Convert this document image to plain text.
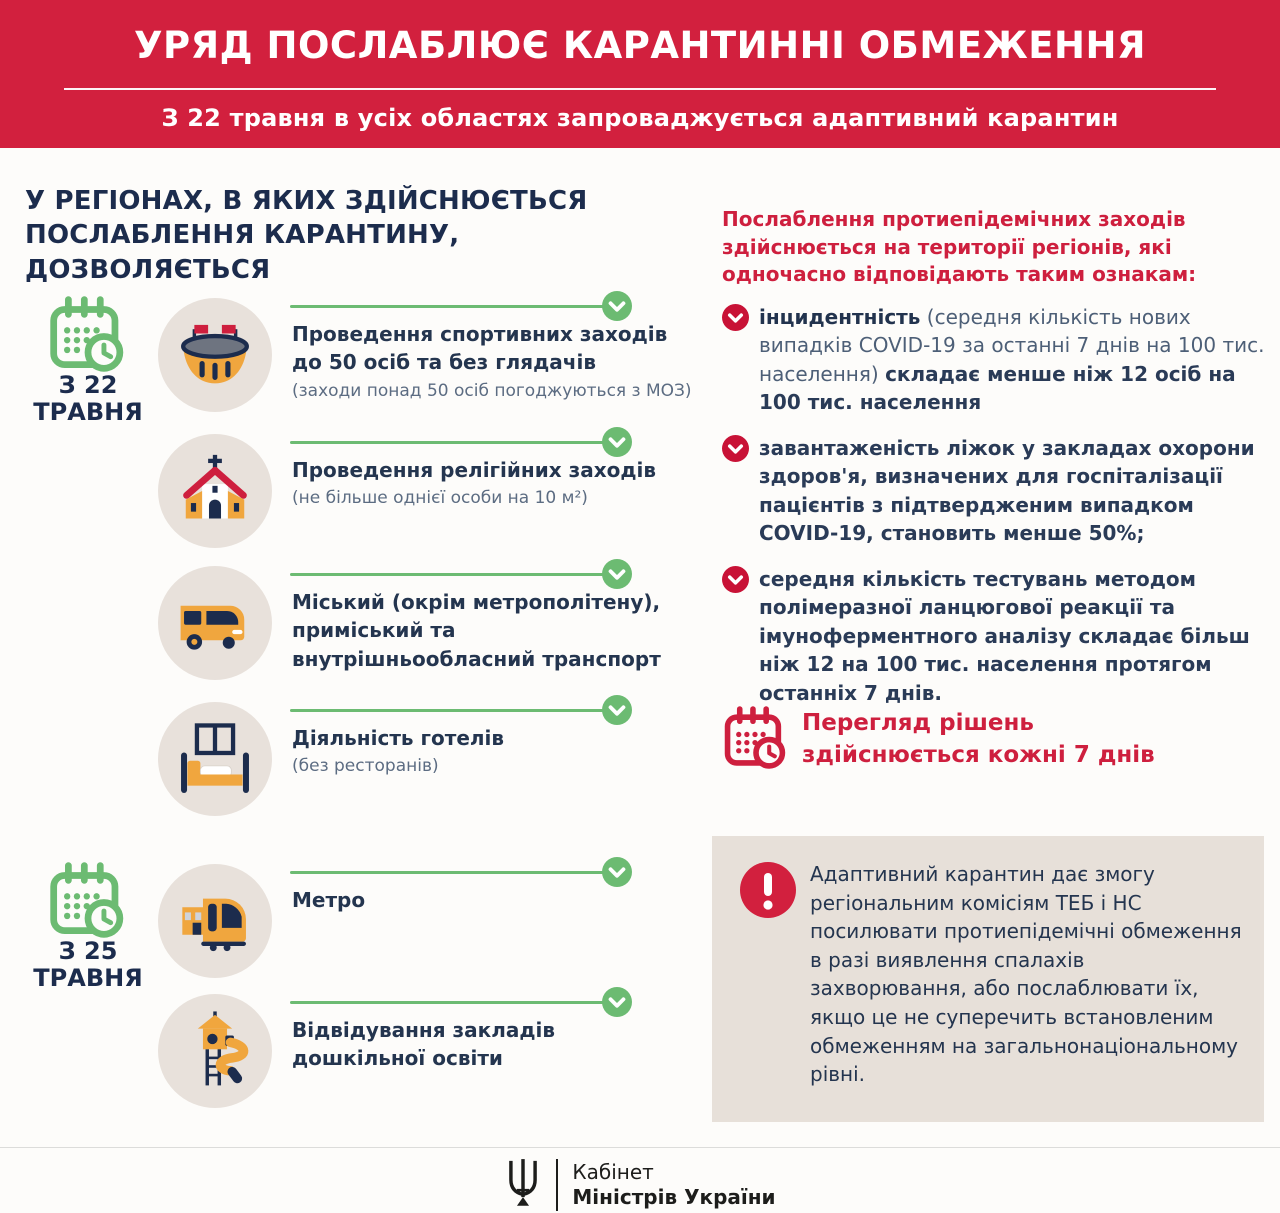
УРЯД ПОСЛАБЛЮЄ КАРАНТИННІ ОБМЕЖЕННЯ
З 22 травня в усіх областях запроваджується адаптивний карантин
У РЕГІОНАХ, В ЯКИХ ЗДІЙСНЮЄТЬСЯ ПОСЛАБЛЕННЯ КАРАНТИНУ, ДОЗВОЛЯЄТЬСЯ
З 22
ТРАВНЯ
З 25
ТРАВНЯ
Проведення спортивних заходів до 50 осіб та без глядачів
(заходи понад 50 осіб погоджуються з МОЗ)
Проведення релігійних заходів
(не більше однієї особи на 10 м²)
Міський (окрім метрополітену), приміський та внутрішньообласний транспорт
Діяльність готелів
(без ресторанів)
Метро
Відвідування закладів дошкільної освіти

Послаблення протиепідемічних заходів здійснюється на території регіонів, які одночасно відповідають таким ознакам:

інцидентність (середня кількість нових випадків COVID-19 за останні 7 днів на 100 тис. населення) складає менше ніж 12 осіб на 100 тис. населення

завантаженість ліжок у закладах охорони здоров'я, визначених для госпіталізації пацієнтів з підтвердженим випадком COVID-19, становить менше 50%;

середня кількість тестувань методом полімеразної ланцюгової реакції та імуноферментного аналізу складає більш ніж 12 на 100 тис. населення протягом останніх 7 днів.

Перегляд рішень здійснюється кожні 7 днів

Адаптивний карантин дає змогу регіональним комісіям ТЕБ і НС посилювати протиепідемічні обмеження в разі виявлення спалахів захворювання, або послаблювати їх, якщо це не суперечить встановленим обмеженням на загальнонаціональному рівні.

Кабінет
Міністрів України
